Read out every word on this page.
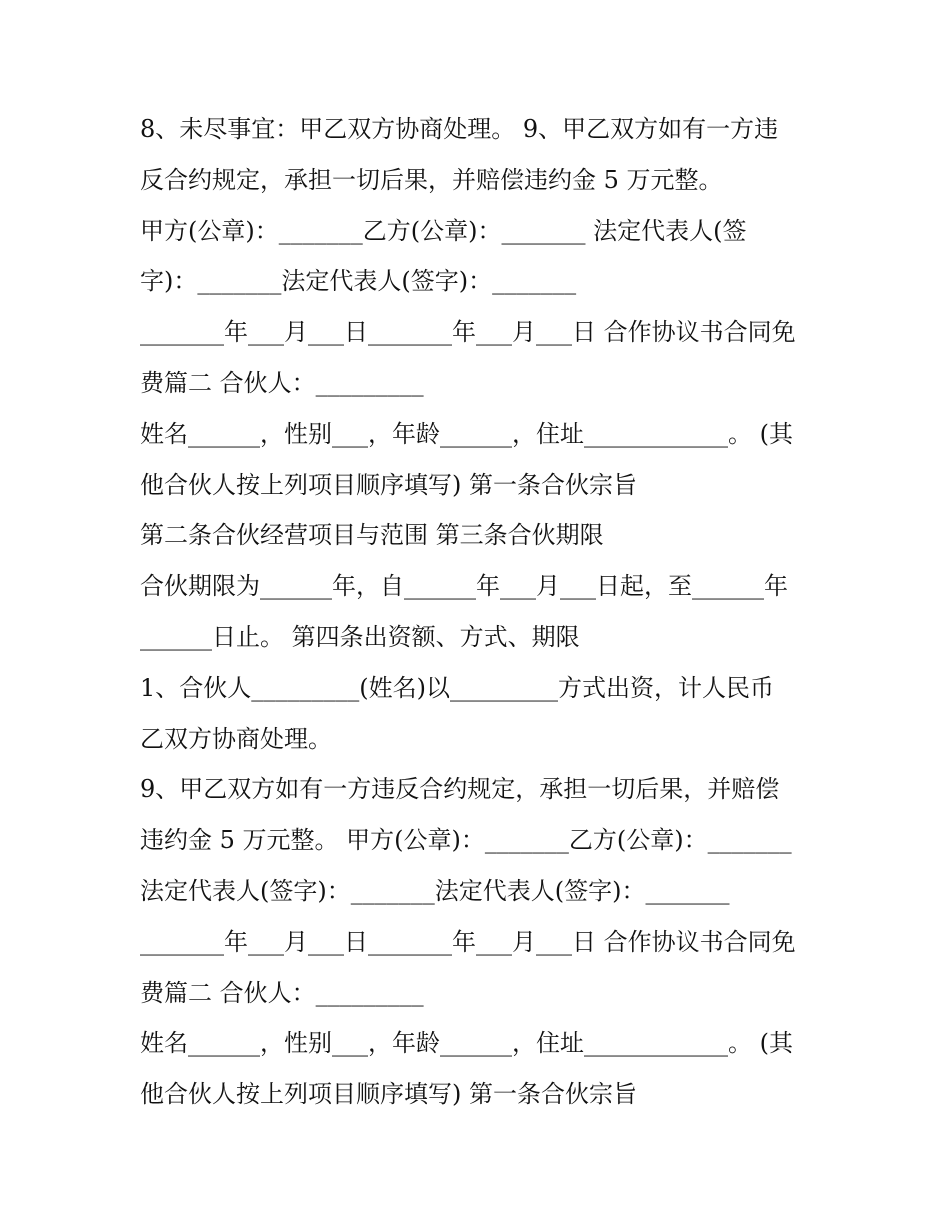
8、未尽事宜：甲乙双方协商处理。 9、甲乙双方如有一方违
反合约规定，承担一切后果，并赔偿违约金 5 万元整。
甲方(公章)：_______乙方(公章)：_______ 法定代表人(签
字)：_______法定代表人(签字)：_______
_______年___月___日_______年___月___日 合作协议书合同免
费篇二 合伙人：_________
姓名______，性别___，年龄______，住址____________。 (其
他合伙人按上列项目顺序填写) 第一条合伙宗旨
第二条合伙经营项目与范围 第三条合伙期限
合伙期限为______年，自______年___月___日起，至______年
______日止。 第四条出资额、方式、期限
1、合伙人_________(姓名)以_________方式出资，计人民币
乙双方协商处理。
9、甲乙双方如有一方违反合约规定，承担一切后果，并赔偿
违约金 5 万元整。 甲方(公章)：_______乙方(公章)：_______
法定代表人(签字)：_______法定代表人(签字)：_______
_______年___月___日_______年___月___日 合作协议书合同免
费篇二 合伙人：_________
姓名______，性别___，年龄______，住址____________。 (其
他合伙人按上列项目顺序填写) 第一条合伙宗旨
